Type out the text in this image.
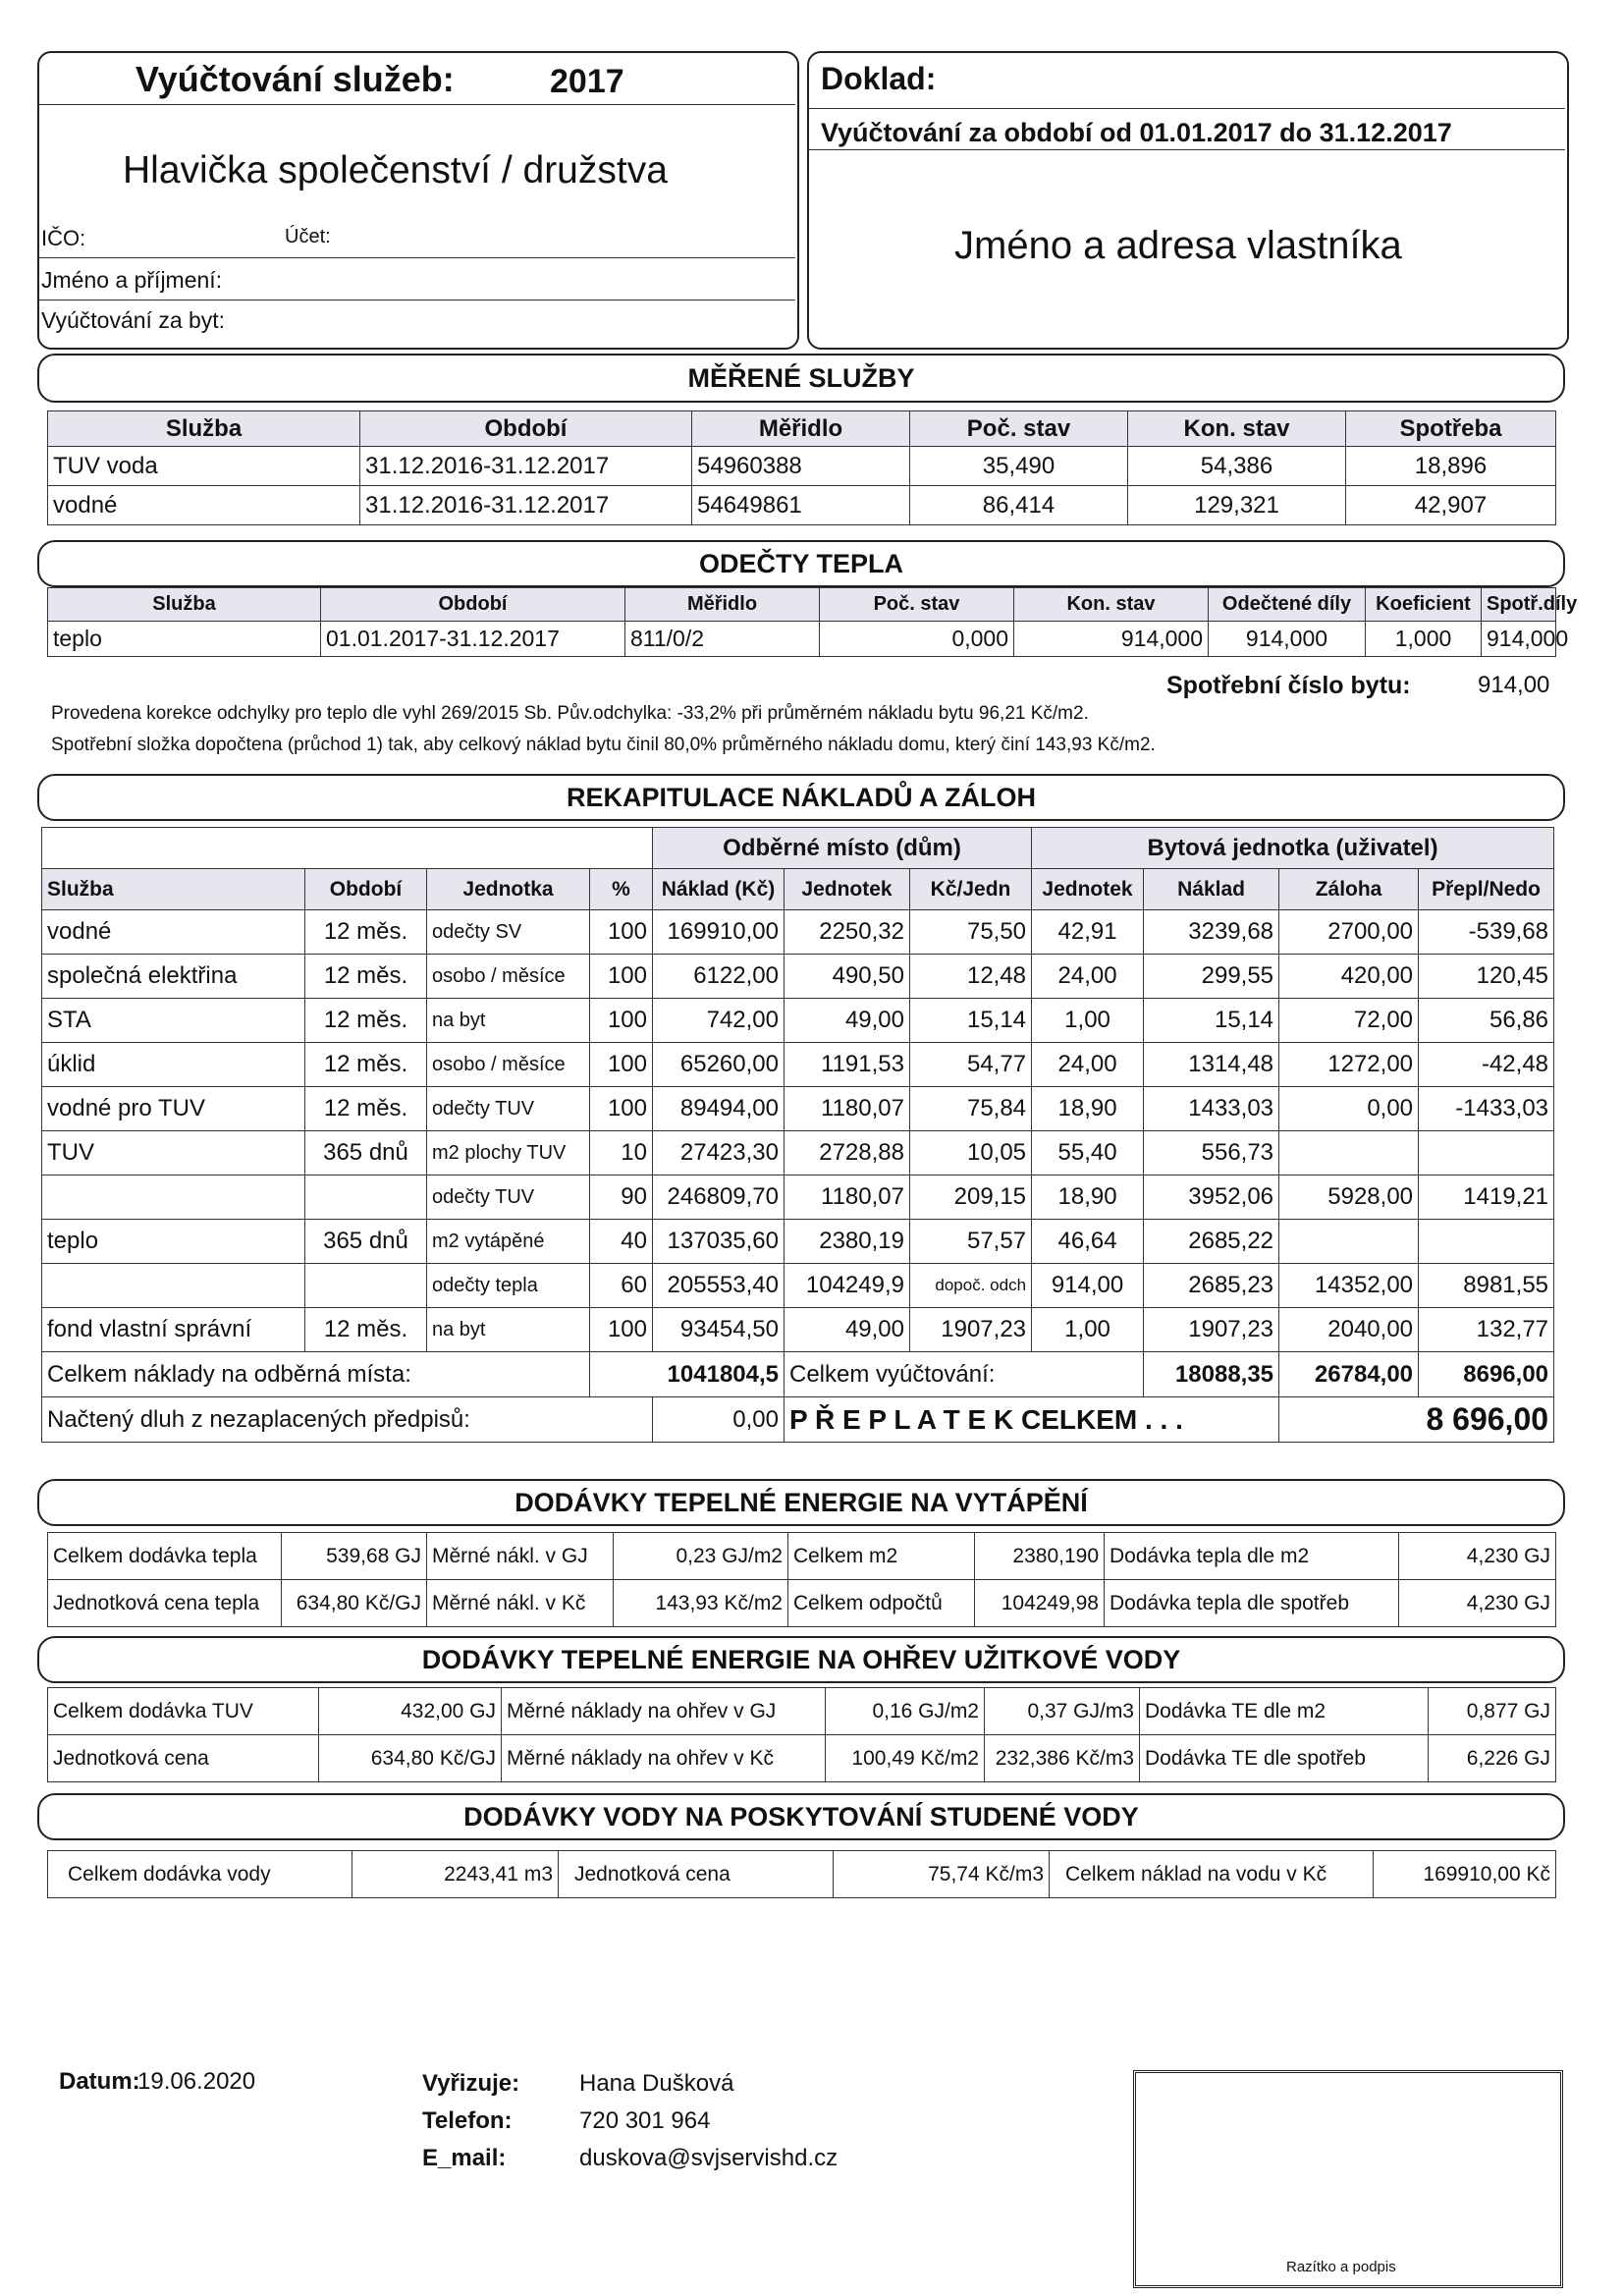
Vyúčtování služeb:	2017
Hlavička společenství / družstva
IČO:	Účet:
Jméno a příjmení:
Vyúčtování za byt:
Doklad:
Vyúčtování za období od 01.01.2017 do 31.12.2017
Jméno a adresa vlastníka
MĚŘENÉ SLUŽBY
Služba	Období	Měřidlo	Poč. stav	Kon. stav	Spotřeba
TUV voda	31.12.2016-31.12.2017	54960388	35,490	54,386	18,896
vodné	31.12.2016-31.12.2017	54649861	86,414	129,321	42,907
ODEČTY TEPLA
Služba	Období	Měřidlo	Poč. stav	Kon. stav	Odečtené díly	Koeficient	Spotř.díly
teplo	01.01.2017-31.12.2017	811/0/2	0,000	914,000	914,000	1,000	914,000
Spotřební číslo bytu:	914,00
Provedena korekce odchylky pro teplo dle vyhl 269/2015 Sb. Pův.odchylka: -33,2% při průměrném nákladu bytu 96,21 Kč/m2.
Spotřební složka dopočtena (průchod 1) tak, aby celkový náklad bytu činil 80,0% průměrného nákladu domu, který činí 143,93 Kč/m2.
REKAPITULACE NÁKLADŮ A ZÁLOH
				Odběrné místo (dům)			Bytová jednotka (uživatel)			
Služba	Období	Jednotka	%	Náklad (Kč)	Jednotek	Kč/Jedn	Jednotek	Náklad	Záloha	Přepl/Nedo
vodné	12 měs.	odečty SV	100	169910,00	2250,32	75,50	42,91	3239,68	2700,00	-539,68
společná elektřina	12 měs.	osobo / měsíce	100	6122,00	490,50	12,48	24,00	299,55	420,00	120,45
STA	12 měs.	na byt	100	742,00	49,00	15,14	1,00	15,14	72,00	56,86
úklid	12 měs.	osobo / měsíce	100	65260,00	1191,53	54,77	24,00	1314,48	1272,00	-42,48
vodné pro TUV	12 měs.	odečty TUV	100	89494,00	1180,07	75,84	18,90	1433,03	0,00	-1433,03
TUV	365 dnů	m2 plochy TUV	10	27423,30	2728,88	10,05	55,40	556,73		
		odečty TUV	90	246809,70	1180,07	209,15	18,90	3952,06	5928,00	1419,21
teplo	365 dnů	m2 vytápěné	40	137035,60	2380,19	57,57	46,64	2685,22		
		odečty tepla	60	205553,40	104249,9	dopoč. odch	914,00	2685,23	14352,00	8981,55
fond vlastní správní	12 měs.	na byt	100	93454,50	49,00	1907,23	1,00	1907,23	2040,00	132,77
Celkem náklady na odběrná místa:			1041804,5		Celkem vyúčtování:			18088,35	26784,00	8696,00
Načtený dluh z nezaplacených předpisů:				0,00	P Ř E P L A T E K CELKEM . . .				8 696,00	
DODÁVKY TEPELNÉ ENERGIE NA VYTÁPĚNÍ
Celkem dodávka tepla	539,68 GJ	Měrné nákl. v GJ	0,23 GJ/m2	Celkem m2	2380,190	Dodávka tepla dle m2	4,230 GJ
Jednotková cena tepla	634,80 Kč/GJ	Měrné nákl. v Kč	143,93 Kč/m2	Celkem odpočtů	104249,98	Dodávka tepla dle spotřeb	4,230 GJ
DODÁVKY TEPELNÉ ENERGIE NA OHŘEV UŽITKOVÉ VODY
Celkem dodávka TUV	432,00 GJ	Měrné náklady na ohřev v GJ	0,16 GJ/m2	0,37 GJ/m3	Dodávka TE dle m2	0,877 GJ
Jednotková cena	634,80 Kč/GJ	Měrné náklady na ohřev v Kč	100,49 Kč/m2	232,386 Kč/m3	Dodávka TE dle spotřeb	6,226 GJ
DODÁVKY VODY NA POSKYTOVÁNÍ STUDENÉ VODY
Celkem dodávka vody	2243,41 m3	Jednotková cena	75,74 Kč/m3	Celkem náklad na vodu v Kč	169910,00 Kč
Datum:
19.06.2020	Vyřizuje:	Hana Dušková
Telefon:	720 301 964
E_mail:	duskova@svjservishd.cz
Razítko a podpis
